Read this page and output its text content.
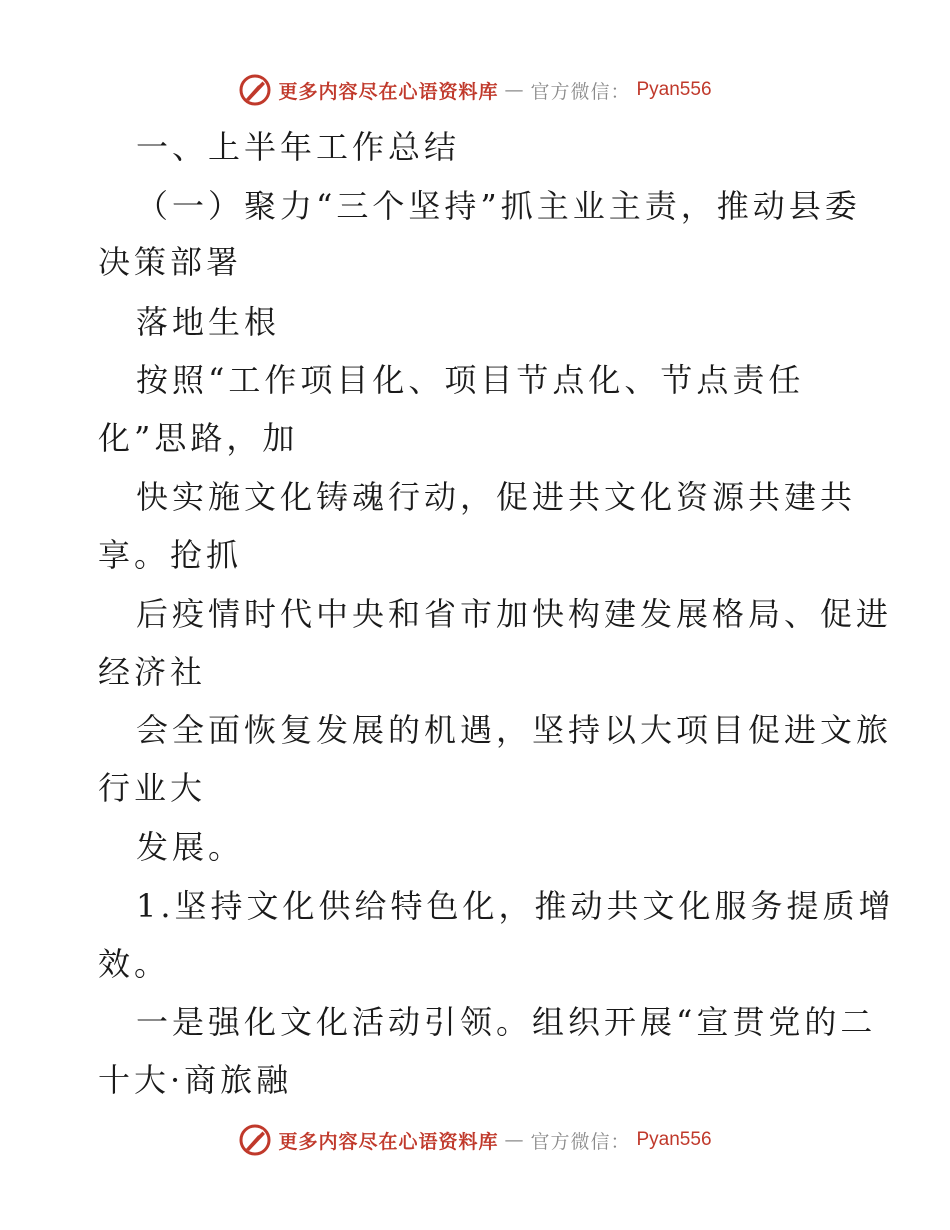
更多内容尽在心语资料库 — 官方微信： Pyan556

一、上半年工作总结

（一）聚力“三个坚持”抓主业主责，推动县委

决策部署

落地生根

按照“工作项目化、项目节点化、节点责任

化”思路，加

快实施文化铸魂行动，促进共文化资源共建共

享。抢抓

后疫情时代中央和省市加快构建发展格局、促进

经济社

会全面恢复发展的机遇，坚持以大项目促进文旅

行业大

发展。

1.坚持文化供给特色化，推动共文化服务提质增

效。

一是强化文化活动引领。组织开展“宣贯党的二

十大·商旅融

更多内容尽在心语资料库 — 官方微信： Pyan556
